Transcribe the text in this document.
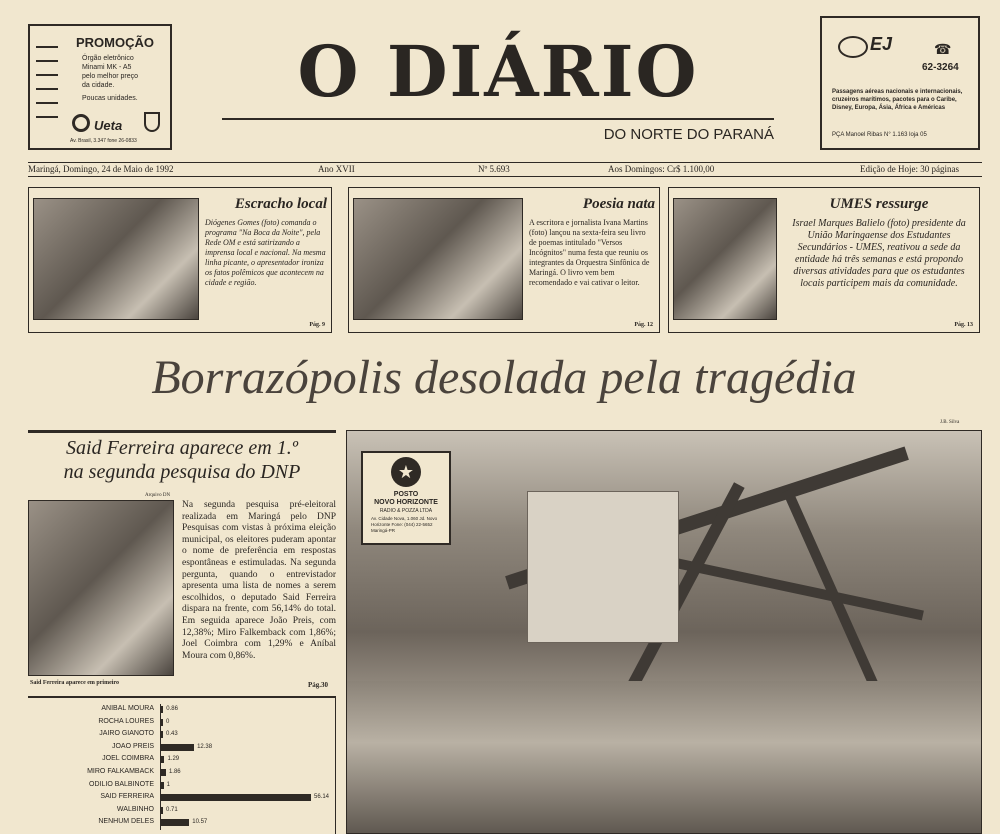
PROMOÇÃO
Órgão eletrônico
Minami MK - A5
pelo melhor preço
da cidade.
Poucas unidades.
Ueta
Av. Brasil, 3.347 fone 26-0833
O DIÁRIO
DO NORTE DO PARANÁ
EJ	☎
62-3264
Passagens aéreas nacionais e internacionais, cruzeiros marítimos, pacotes para o Caribe, Disney, Europa, Ásia, África e Américas
PÇA Manoel Ribas N° 1.163 loja 05
Maringá, Domingo, 24 de Maio de 1992	Ano XVII	Nº 5.693	Aos Domingos: Cr$ 1.100,00	Edição de Hoje: 30 páginas
Escracho local
Diógenes Gomes (foto) comanda o programa "Na Boca da Noite", pela Rede OM e está satirizando a imprensa local e nacional. Na mesma linha picante, o apresentador ironiza os fatos polêmicos que acontecem na cidade e região.
Pág. 9
Poesia nata
A escritora e jornalista Ivana Martins (foto) lançou na sexta-feira seu livro de poemas intitulado "Versos Incógnitos" numa festa que reuniu os integrantes da Orquestra Sinfônica de Maringá. O livro vem bem recomendado e vai cativar o leitor.
Pág. 12
UMES ressurge
Israel Marques Balielo (foto) presidente da União Maringaense dos Estudantes Secundários - UMES, reativou a sede da entidade há três semanas e está propondo diversas atividades para que os estudantes locais participem mais da comunidade.
Pág. 13
Borrazópolis desolada pela tragédia
J.B. Silva
Said Ferreira aparece em 1.º
na segunda pesquisa do DNP
Arquivo DN
Said Ferreira aparece em primeiro
Na segunda pesquisa pré-eleitoral realizada em Maringá pelo DNP Pesquisas com vistas à próxima eleição municipal, os eleitores puderam apontar o nome de preferência em respostas espontâneas e estimuladas. Na segunda pergunta, quando o entrevistador apresenta uma lista de nomes a serem escolhidos, o deputado Said Ferreira dispara na frente, com 56,14% do total. Em seguida aparece João Preis, com 12,38%; Miro Falkemback com 1,86%; Joel Coimbra com 1,29% e Aníbal Moura com 0,86%.
Pág.30
ANIBAL MOURA 0.86
ROCHA LOURES 0
JAIRO GIANOTO 0.43
JOAO PREIS	12.38
JOEL COIMBRA 1.29
MIRO FALKAMBACK 1.86
ODILIO BALBINOTE 1
SAID FERREIRA	56.14
WALBINHO 0.71
NENHUM DELES	10.57
★
POSTO
NOVO HORIZONTE
RADIO & POZZA LTDA
Av. Cidade Nova, 1.060 Jd. Novo Horizonte Fone: (044) 22-5652 Maringá-PR
